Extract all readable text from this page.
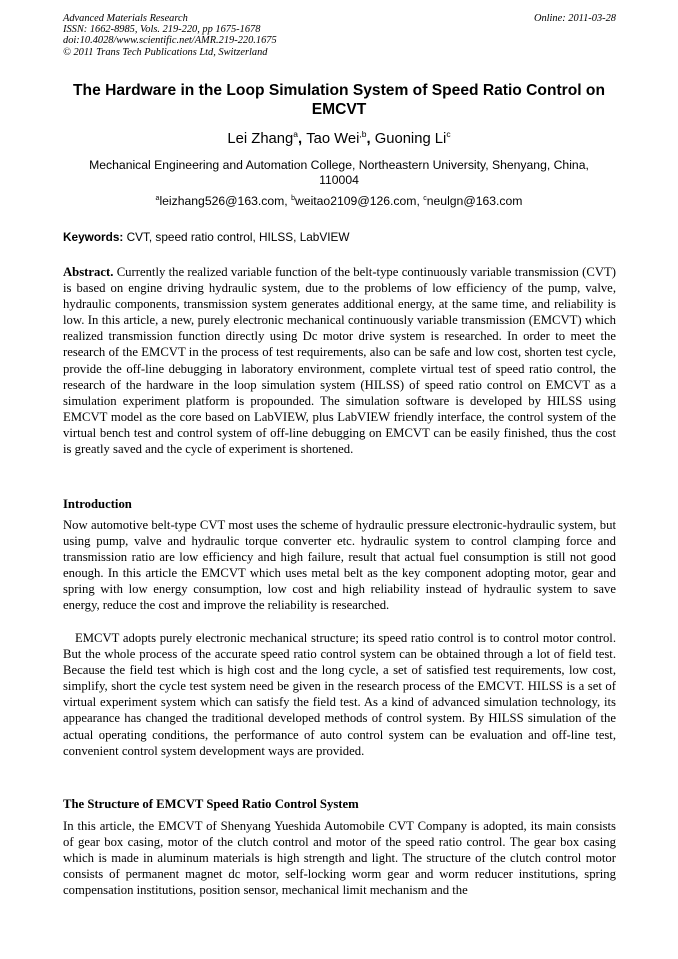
Advanced Materials Research
ISSN: 1662-8985, Vols. 219-220, pp 1675-1678
doi:10.4028/www.scientific.net/AMR.219-220.1675
© 2011 Trans Tech Publications Ltd, Switzerland
Online: 2011-03-28
The Hardware in the Loop Simulation System of Speed Ratio Control on EMCVT
Lei Zhang$^a$, Tao Wei$^{,b}$, Guoning Li$^c$
Mechanical Engineering and Automation College, Northeastern University, Shenyang, China, 110004
$^a$leizhang526@163.com, $^b$weitao2109@126.com, $^c$neulgn@163.com
Keywords: CVT, speed ratio control, HILSS, LabVIEW

Abstract. Currently the realized variable function of the belt-type continuously variable transmission (CVT) is based on engine driving hydraulic system, due to the problems of low efficiency of the pump, valve, hydraulic components, transmission system generates additional energy, at the same time, and reliability is low. In this article, a new, purely electronic mechanical continuously variable transmission (EMCVT) which realized transmission function directly using Dc motor drive system is researched. In order to meet the research of the EMCVT in the process of test requirements, also can be safe and low cost, shorten test cycle, provide the off-line debugging in laboratory environment, complete virtual test of speed ratio control, the research of the hardware in the loop simulation system (HILSS) of speed ratio control on EMCVT as a simulation experiment platform is propounded. The simulation software is developed by HILSS using EMCVT model as the core based on LabVIEW, plus LabVIEW friendly interface, the control system of the virtual bench test and control system of off-line debugging on EMCVT can be easily finished, thus the cost is greatly saved and the cycle of experiment is shortened.

Introduction

Now automotive belt-type CVT most uses the scheme of hydraulic pressure electronic-hydraulic system, but using pump, valve and hydraulic torque converter etc. hydraulic system to control clamping force and transmission ratio are low efficiency and high failure, result that actual fuel consumption is still not good enough. In this article the EMCVT which uses metal belt as the key component adopting motor, gear and spring with low energy consumption, low cost and high reliability instead of hydraulic system to save energy, reduce the cost and improve the reliability is researched.

EMCVT adopts purely electronic mechanical structure; its speed ratio control is to control motor control. But the whole process of the accurate speed ratio control system can be obtained through a lot of field test. Because the field test which is high cost and the long cycle, a set of satisfied test requirements, low cost, simplify, short the cycle test system need be given in the research process of the EMCVT. HILSS is a set of virtual experiment system which can satisfy the field test. As a kind of advanced simulation technology, its appearance has changed the traditional developed methods of control system. By HILSS simulation of the actual operating conditions, the performance of auto control system can be evaluation and off-line test, convenient control system development ways are provided.

The Structure of EMCVT Speed Ratio Control System

In this article, the EMCVT of Shenyang Yueshida Automobile CVT Company is adopted, its main consists of gear box casing, motor of the clutch control and motor of the speed ratio control. The gear box casing which is made in aluminum materials is high strength and light. The structure of the clutch control motor consists of permanent magnet dc motor, self-locking worm gear and worm reducer institutions, spring compensation institutions, position sensor, mechanical limit mechanism and the
